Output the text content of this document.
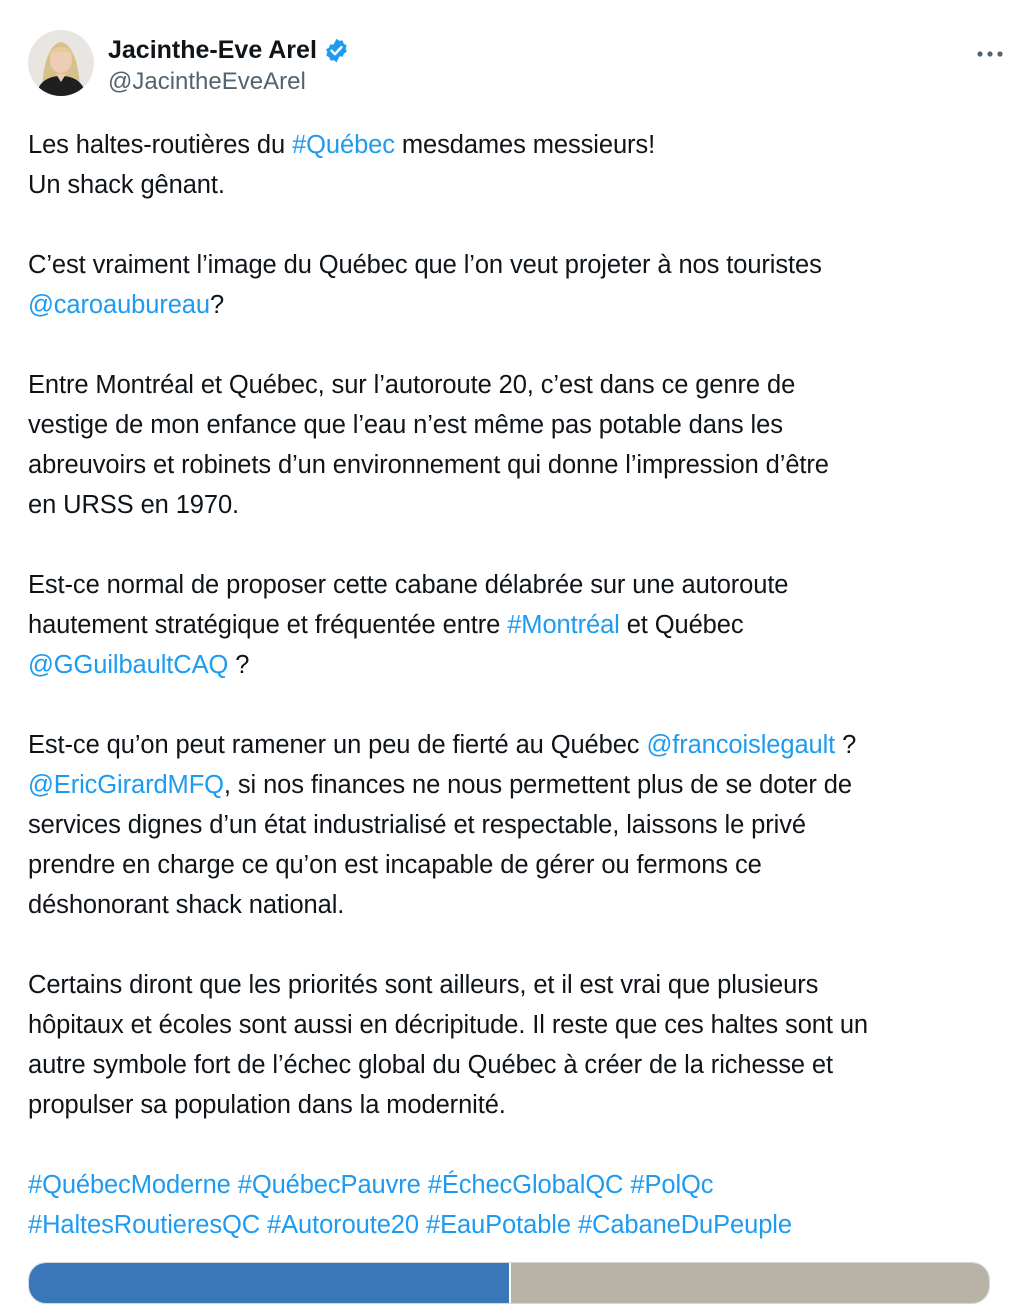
Jacinthe-Eve Arel
@JacintheEveArel
Les haltes-routières du #Québec mesdames messieurs!
Un shack gênant.
C’est vraiment l’image du Québec que l’on veut projeter à nos touristes
@caroaubureau?
Entre Montréal et Québec, sur l’autoroute 20, c’est dans ce genre de
vestige de mon enfance que l’eau n’est même pas potable dans les
abreuvoirs et robinets d’un environnement qui donne l’impression d’être
en URSS en 1970.
Est-ce normal de proposer cette cabane délabrée sur une autoroute
hautement stratégique et fréquentée entre #Montréal et Québec
@GGuilbaultCAQ ?
Est-ce qu’on peut ramener un peu de fierté au Québec @francoislegault ?
@EricGirardMFQ, si nos finances ne nous permettent plus de se doter de
services dignes d’un état industrialisé et respectable, laissons le privé
prendre en charge ce qu’on est incapable de gérer ou fermons ce
déshonorant shack national.
Certains diront que les priorités sont ailleurs, et il est vrai que plusieurs
hôpitaux et écoles sont aussi en décripitude. Il reste que ces haltes sont un
autre symbole fort de l’échec global du Québec à créer de la richesse et
propulser sa population dans la modernité.
#QuébecModerne #QuébecPauvre #ÉchecGlobalQC #PolQc
#HaltesRoutieresQC #Autoroute20 #EauPotable #CabaneDuPeuple
